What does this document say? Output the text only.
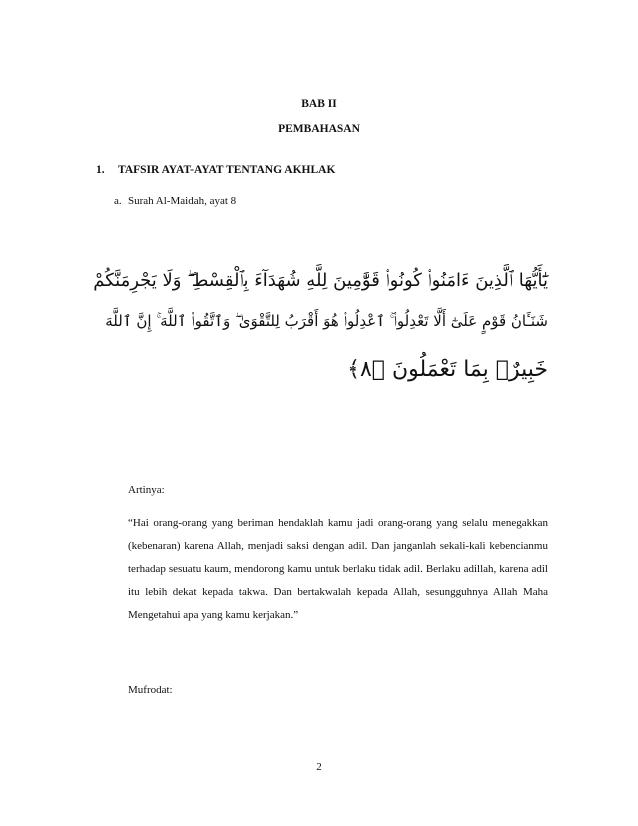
BAB II
PEMBAHASAN
1. TAFSIR AYAT-AYAT TENTANG AKHLAK
a. Surah Al-Maidah, ayat 8
يَٰٓأَيُّهَا ٱلَّذِينَ ءَامَنُوا۟ كُونُوا۟ قَوَّٰمِينَ لِلَّهِ شُهَدَآءَ بِٱلْقِسْطِ ۖ وَلَا يَجْرِمَنَّكُمْ
شَنَـَٔانُ قَوْمٍ عَلَىٰٓ أَلَّا تَعْدِلُوا۟ ۚ ٱعْدِلُوا۟ هُوَ أَقْرَبُ لِلتَّقْوَىٰ ۖ وَٱتَّقُوا۟ ٱللَّهَ ۚ إِنَّ ٱللَّهَ
خَبِيرٌۢ بِمَا تَعْمَلُونَ ﴿٨﴾
Artinya:
“Hai orang-orang yang beriman hendaklah kamu jadi orang-orang yang selalu menegakkan (kebenaran) karena Allah, menjadi saksi dengan adil. Dan janganlah sekali-kali kebencianmu terhadap sesuatu kaum, mendorong kamu untuk berlaku tidak adil. Berlaku adillah, karena adil itu lebih dekat kepada takwa. Dan bertakwalah kepada Allah, sesungguhnya Allah Maha Mengetahui apa yang kamu kerjakan.”
Mufrodat:
2
